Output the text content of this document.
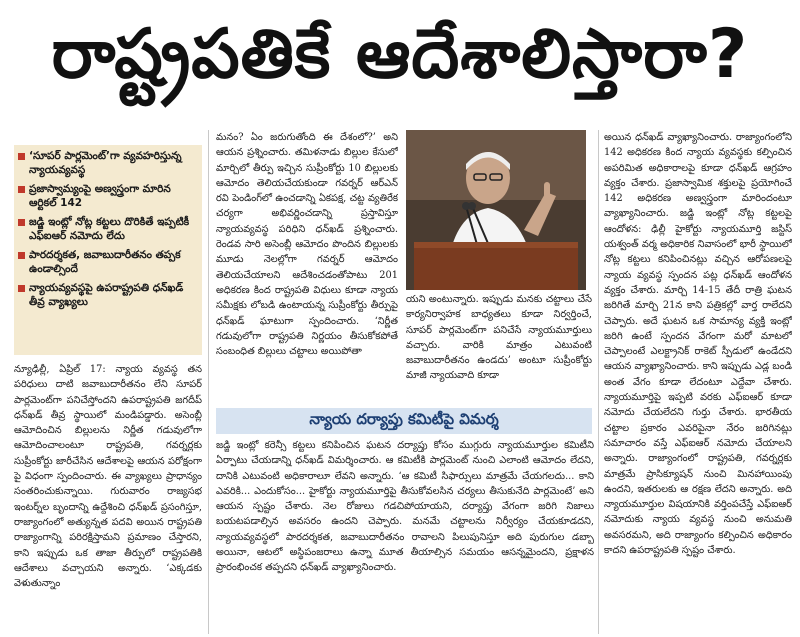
రాష్ట్రపతికే ఆదేశాలిస్తారా?
‘సూపర్ పార్లమెంట్’గా వ్యవహరిస్తున్న న్యాయవ్యవస్థ
ప్రజాస్వామ్యంపై అణ్వస్త్రంగా మారిన ఆర్టికల్ 142
జడ్జి ఇంట్లో నోట్ల కట్టలు దొరికితే ఇప్పటికీ ఎఫ్ఐఆర్ నమోదు లేదు
పారదర్శకత, జవాబుదారీతనం తప్పక ఉండాల్సిందే
న్యాయవ్యవస్థపై ఉపరాష్ట్రపతి ధన్‌ఖడ్ తీవ్ర వ్యాఖ్యలు

న్యూఢిల్లీ, ఏప్రిల్ 17: న్యాయ వ్యవస్థ తన పరిధులు దాటి జవాబుదారీతనం లేని సూపర్ పార్లమెంట్‌గా పనిచేస్తోందని ఉపరాష్ట్రపతి జగదీప్ ధన్‌ఖడ్ తీవ్ర స్థాయిలో మండిపడ్డారు. అసెంబ్లీ ఆమోదించిన బిల్లులను నిర్ణీత గడువులోగా ఆమోదించాలంటూ రాష్ట్రపతి, గవర్నర్లకు సుప్రీంకోర్టు జారీచేసిన ఆదేశాలపై ఆయన పరోక్షంగా పై విధంగా స్పందించారు. ఈ వ్యాఖ్యలు ప్రాధాన్యం సంతరించుకున్నాయి. గురువారం రాజ్యసభ ఇంటర్న్‌ల బృందాన్ని ఉద్దేశించి ధన్‌ఖడ్ ప్రసంగిస్తూ, రాజ్యాంగంలో అత్యున్నత పదవి అయిన రాష్ట్రపతి రాజ్యాంగాన్ని పరిరక్షిస్తామని ప్రమాణం చేస్తారని, కాని ఇప్పుడు ఒక తాజా తీర్పులో రాష్ట్రపతికి ఆదేశాలు వచ్చాయని అన్నారు. ‘ఎక్కడకు వెళుతున్నాం

మనం? ఏం జరుగుతోంది ఈ దేశంలో?’ అని ఆయన ప్రశ్నించారు. తమిళనాడు బిల్లుల కేసులో మార్చిలో తీర్పు ఇచ్చిన సుప్రీంకోర్టు 10 బిల్లులకు ఆమోదం తెలియచేయకుండా గవర్నర్ ఆర్‌ఎన్ రవి పెండింగ్‌లో ఉంచడాన్ని ఏకపక్ష, చట్ట వ్యతిరేక చర్యగా అభివర్ణించడాన్ని ప్రస్తావిస్తూ న్యాయవ్యవస్థ పరిధిని ధన్‌ఖడ్ ప్రశ్నించారు. రెండవ సారి అసెంబ్లీ ఆమోదం పొందిన బిల్లులకు మూడు నెలల్లోగా గవర్నర్ ఆమోదం తెలియచేయాలని ఆదేశించడంతోపాటు 201 అధికరణ కింద రాష్ట్రపతి విధులు కూడా న్యాయ సమీక్షకు లోబడి ఉంటాయన్న సుప్రీంకోర్టు తీర్పుపై ధన్‌ఖడ్ ఘాటుగా స్పందించారు. ‘నిర్ణీత గడువులోగా రాష్ట్రపతి నిర్ణయం తీసుకోకపోతే సంబంధిత బిల్లులు చట్టాలు అయిపోతా

యని అంటున్నారు. ఇప్పుడు మనకు చట్టాలు చేసే కార్యనిర్వాహక బాధ్యతలు కూడా నిర్వర్తించే, సూపర్ పార్లమెంట్‌గా పనిచేసే న్యాయమూర్తులు వచ్చారు. వారికి మాత్రం ఎటువంటి జవాబుదారీతనం ఉండదు’ అంటూ సుప్రీంకోర్టు మాజీ న్యాయవాది కూడా

న్యాయ దర్యాప్తు కమిటీపై విమర్శ

జడ్జి ఇంట్లో కరెన్సీ కట్టలు కనిపించిన ఘటన దర్యాప్తు కోసం ముగ్గురు న్యాయమూర్తుల కమిటీని ఏర్పాటు చేయడాన్ని ధన్‌ఖడ్ విమర్శించారు. ఆ కమిటీకి పార్లమెంట్ నుంచి ఎలాంటి ఆమోదం లేదని, దానికి ఎటువంటి అధికారాలూ లేవని అన్నారు. ‘ఆ కమిటీ సిఫార్సులు మాత్రమే చేయగలదు... కాని ఎవరికి... ఎందుకోసం... హైకోర్టు న్యాయమూర్తిపై తీసుకోవలసిన చర్యలు తీసుకునేది పార్లమెంటే’ అని ఆయన స్పష్టం చేశారు. నెల రోజులు గడచిపోయాయని, దర్యాప్తు వేగంగా జరిగి నిజాలు బయటపడాల్సిన అవసరం ఉందని చెప్పారు. మనమే చట్టాలను నిర్వీర్యం చేయకూడదని, న్యాయవ్యవస్థలో పారదర్శకత, జవాబుదారీతనం రావాలని పిలుపునిస్తూ అది పురుగుల డబ్బా అయినా, ఆటలో అస్థిపంజరాలు ఉన్నా మూత తీయాల్సిన సమయం ఆసన్నమైందని, ప్రక్షాళన ప్రారంభించక తప్పదని ధన్‌ఖడ్ వ్యాఖ్యానించారు.

అయిన ధన్‌ఖడ్ వ్యాఖ్యానించారు. రాజ్యాంగంలోని 142 అధికరణ కింద న్యాయ వ్యవస్థకు కల్పించిన అపరిమిత అధికారాలపై కూడా ధన్‌ఖడ్ ఆగ్రహం వ్యక్తం చేశారు. ప్రజాస్వామిక శక్తులపై ప్రయోగించే 142 అధికరణ అణ్వస్త్రంగా మారిందంటూ వ్యాఖ్యానించారు. జడ్జి ఇంట్లో నోట్ల కట్టలపై ఆందోళన: ఢిల్లీ హైకోర్టు న్యాయమూర్తి జస్టిస్ యశ్వంత్ వర్మ అధికారిక నివాసంలో భారీ స్థాయిలో నోట్ల కట్టలు కనిపించినట్లు వచ్చిన ఆరోపణలపై న్యాయ వ్యవస్థ స్పందన పట్ల ధన్‌ఖడ్ ఆందోళన వ్యక్తం చేశారు. మార్చి 14-15 తేదీ రాత్రి ఘటన జరిగితే మార్చి 21న కాని పత్రికల్లో వార్త రాలేదని చెప్పారు. అదే ఘటన ఒక సామాన్య వ్యక్తి ఇంట్లో జరిగి ఉంటే స్పందన వేగంగా మరో మాటలో చెప్పాలంటే ఎలక్ట్రానిక్ రాకెట్ స్పీడులో ఉండేదని ఆయన వ్యాఖ్యానించారు. కాని ఇప్పుడు ఎడ్ల బండి అంత వేగం కూడా లేదంటూ ఎద్దేవా చేశారు. న్యాయమూర్తిపై ఇప్పటి వరకు ఎఫ్ఐఆర్ కూడా నమోదు చేయలేదని గుర్తు చేశారు. భారతీయ చట్టాల ప్రకారం ఎవరిపైనా నేరం జరిగినట్లు సమాచారం వస్తే ఎఫ్ఐఆర్ నమోదు చేయాలని అన్నారు. రాజ్యాంగంలో రాష్ట్రపతి, గవర్నర్లకు మాత్రమే ప్రాసిక్యూషన్ నుంచి మినహాయింపు ఉందని, ఇతరులకు ఆ రక్షణ లేదని అన్నారు. అది న్యాయమూర్తుల విషయానికి వర్తింపచేస్తే ఎఫ్ఐఆర్ నమోదుకు న్యాయ వ్యవస్థ నుంచి అనుమతి అవసరమని, అది రాజ్యాంగం కల్పించిన అధికారం కాదని ఉపరాష్ట్రపతి స్పష్టం చేశారు.
